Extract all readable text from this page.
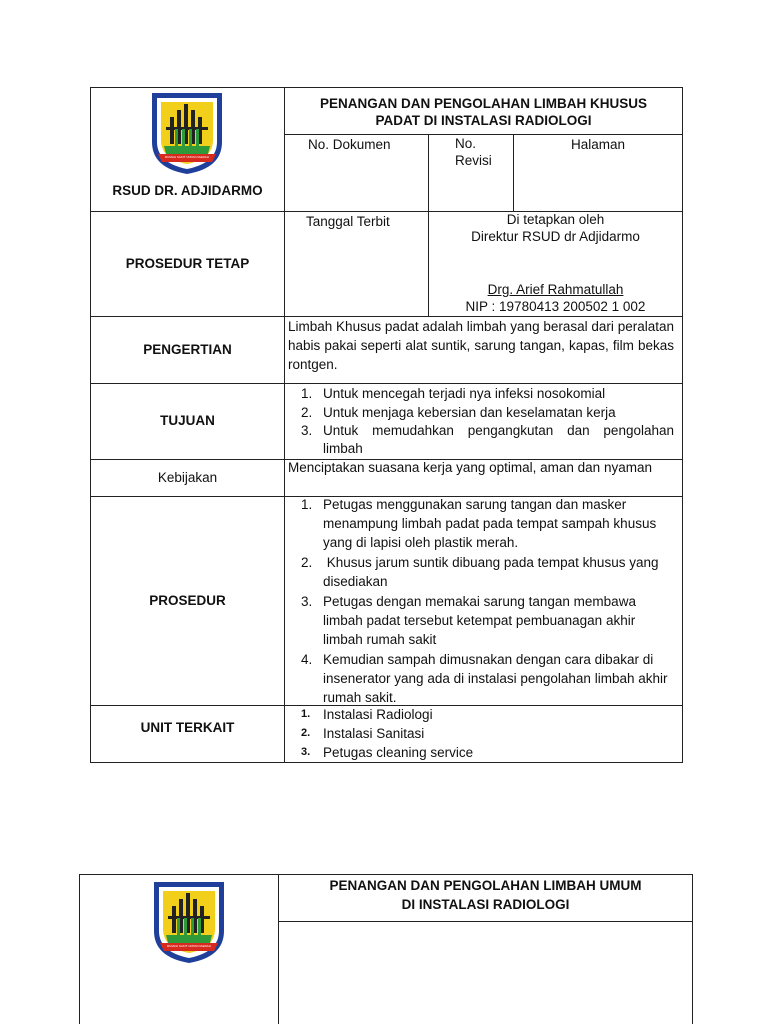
RUMAH SAKIT UMUM DAERAH
PENANGAN DAN PENGOLAHAN LIMBAH KHUSUS
PADAT DI INSTALASI RADIOLOGI
RSUD DR. ADJIDARMO
No. Dokumen	No.
Revisi
Halaman
PROSEDUR TETAP
Tanggal Terbit	Di tetapkan oleh
Direktur RSUD dr Adjidarmo
Drg. Arief Rahmatullah
NIP : 19780413 200502 1 002
PENGERTIAN
Limbah Khusus padat adalah limbah yang berasal dari peralatan habis pakai seperti alat suntik, sarung tangan, kapas, film bekas rontgen.
TUJUAN
1. Untuk mencegah terjadi nya infeksi nosokomial
2. Untuk menjaga kebersian dan keselamatan kerja
3. Untuk memudahkan pengangkutan dan pengolahan limbah
Kebijakan
Menciptakan suasana kerja yang optimal, aman dan nyaman
PROSEDUR
1. Petugas menggunakan sarung tangan dan masker menampung limbah padat pada tempat sampah khusus yang di lapisi oleh plastik merah.
2. Khusus jarum suntik dibuang pada tempat khusus yang disediakan
3. Petugas dengan memakai sarung tangan membawa limbah padat tersebut ketempat pembuanagan akhir limbah rumah sakit
4. Kemudian sampah dimusnakan dengan cara dibakar di insenerator yang ada di instalasi pengolahan limbah akhir rumah sakit.
UNIT TERKAIT
1. Instalasi Radiologi
2. Instalasi Sanitasi
3. Petugas cleaning service
RUMAH SAKIT UMUM DAERAH
PENANGAN DAN PENGOLAHAN LIMBAH UMUM
DI INSTALASI RADIOLOGI
